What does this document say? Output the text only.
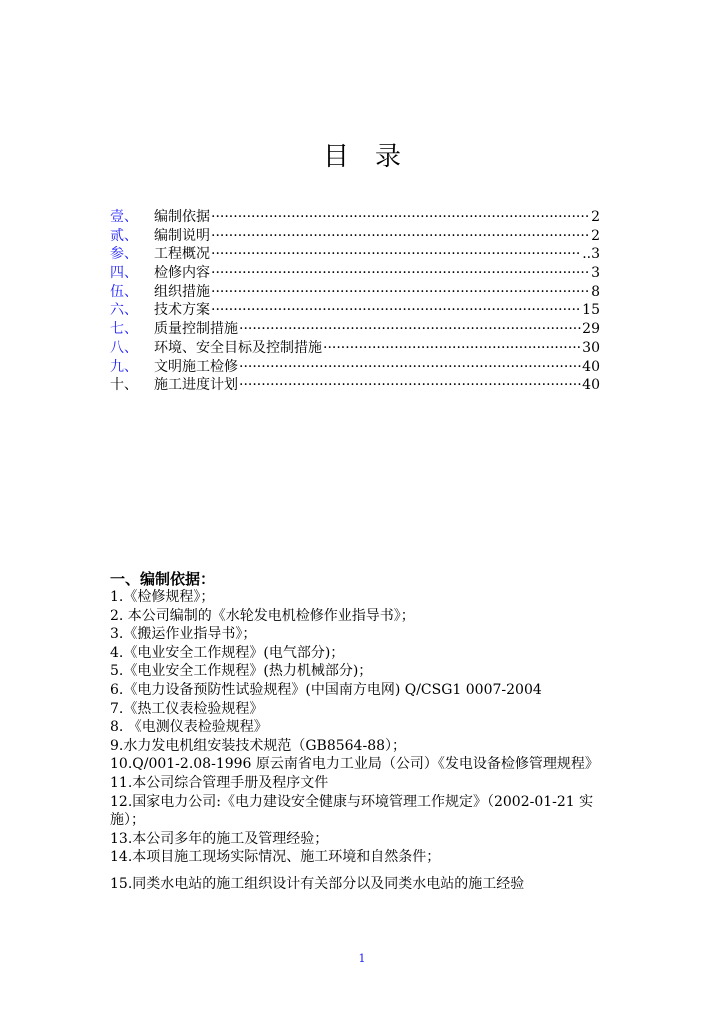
目录
壹、	编制依据 ·····	2
贰、	编制说明 ·····	2
参、	工程概况 ·····	..3
四、	检修内容 ·····	3
伍、	组织措施 ·····	8
六、	技术方案 ·····	15
七、	质量控制措施 ·····	29
八、	环境、安全目标及控制措施 ·····	30
九、	文明施工检修 ·····	40
十、	施工进度计划 ·····	40
一、编制依据：
1.《检修规程》；
2. 本公司编制的《水轮发电机检修作业指导书》；
3.《搬运作业指导书》；
4.《电业安全工作规程》(电气部分)；
5.《电业安全工作规程》(热力机械部分)；
6.《电力设备预防性试验规程》(中国南方电网) Q/CSG1 0007-2004
7.《热工仪表检验规程》
8. 《电测仪表检验规程》
9.水力发电机组安装技术规范（GB8564-88）；
10.Q/001-2.08-1996 原云南省电力工业局（公司）《发电设备检修管理规程》
11.本公司综合管理手册及程序文件
12.国家电力公司:《电力建设安全健康与环境管理工作规定》（2002-01-21 实施）；
13.本公司多年的施工及管理经验；
14.本项目施工现场实际情况、施工环境和自然条件；
15.同类水电站的施工组织设计有关部分以及同类水电站的施工经验
1
